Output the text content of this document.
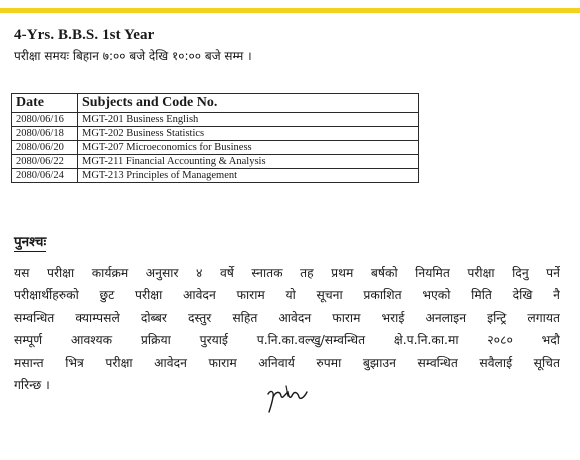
4-Yrs. B.B.S. 1st Year
परीक्षा समयः बिहान ७:०० बजे देखि १०:०० बजे सम्म ।
Date	Subjects and Code No.
2080/06/16	MGT-201 Business English
2080/06/18	MGT-202 Business Statistics
2080/06/20	MGT-207 Microeconomics for Business
2080/06/22	MGT-211 Financial Accounting & Analysis
2080/06/24	MGT-213 Principles of Management
पुनश्चः
यस परीक्षा कार्यक्रम अनुसार ४ वर्षे स्नातक तह प्रथम बर्षको नियमित परीक्षा दिनु पर्ने
परीक्षार्थीहरुको छुट परीक्षा आवेदन फाराम यो सूचना प्रकाशित भएको मिति देखि नै
सम्वन्धित क्याम्पसले दोब्बर दस्तुर सहित आवेदन फाराम भराई अनलाइन इन्ट्रि लगायत
सम्पूर्ण आवश्यक प्रक्रिया पुरयाई प.नि.का.वल्खु/सम्वन्धित क्षे.प.नि.का.मा २०८० भदौ
मसान्त भित्र परीक्षा आवेदन फाराम अनिवार्य रुपमा बुझाउन सम्वन्धित सवैलाई सूचित
गरिन्छ ।
